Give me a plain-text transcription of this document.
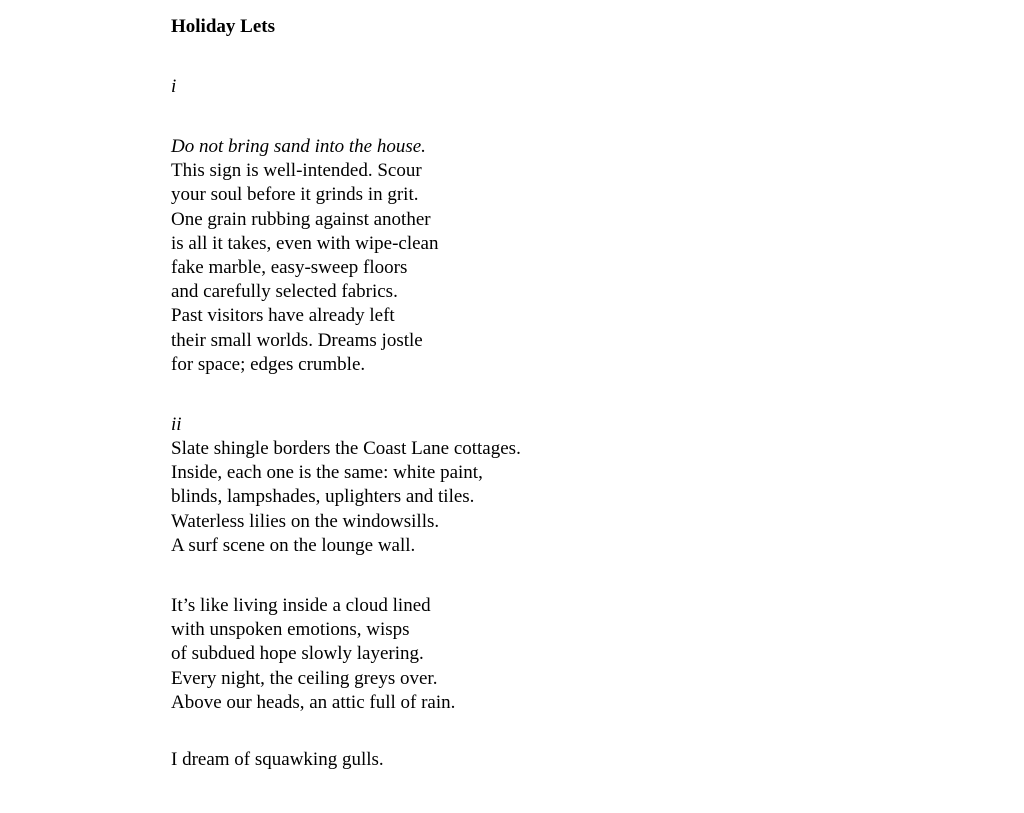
Holiday Lets
i
Do not bring sand into the house.
This sign is well-intended. Scour
your soul before it grinds in grit.
One grain rubbing against another
is all it takes, even with wipe-clean
fake marble, easy-sweep floors
and carefully selected fabrics.
Past visitors have already left
their small worlds. Dreams jostle
for space; edges crumble.
ii
Slate shingle borders the Coast Lane cottages.
Inside, each one is the same: white paint,
blinds, lampshades, uplighters and tiles.
Waterless lilies on the windowsills.
A surf scene on the lounge wall.
It’s like living inside a cloud lined
with unspoken emotions, wisps
of subdued hope slowly layering.
Every night, the ceiling greys over.
Above our heads, an attic full of rain.
I dream of squawking gulls.
